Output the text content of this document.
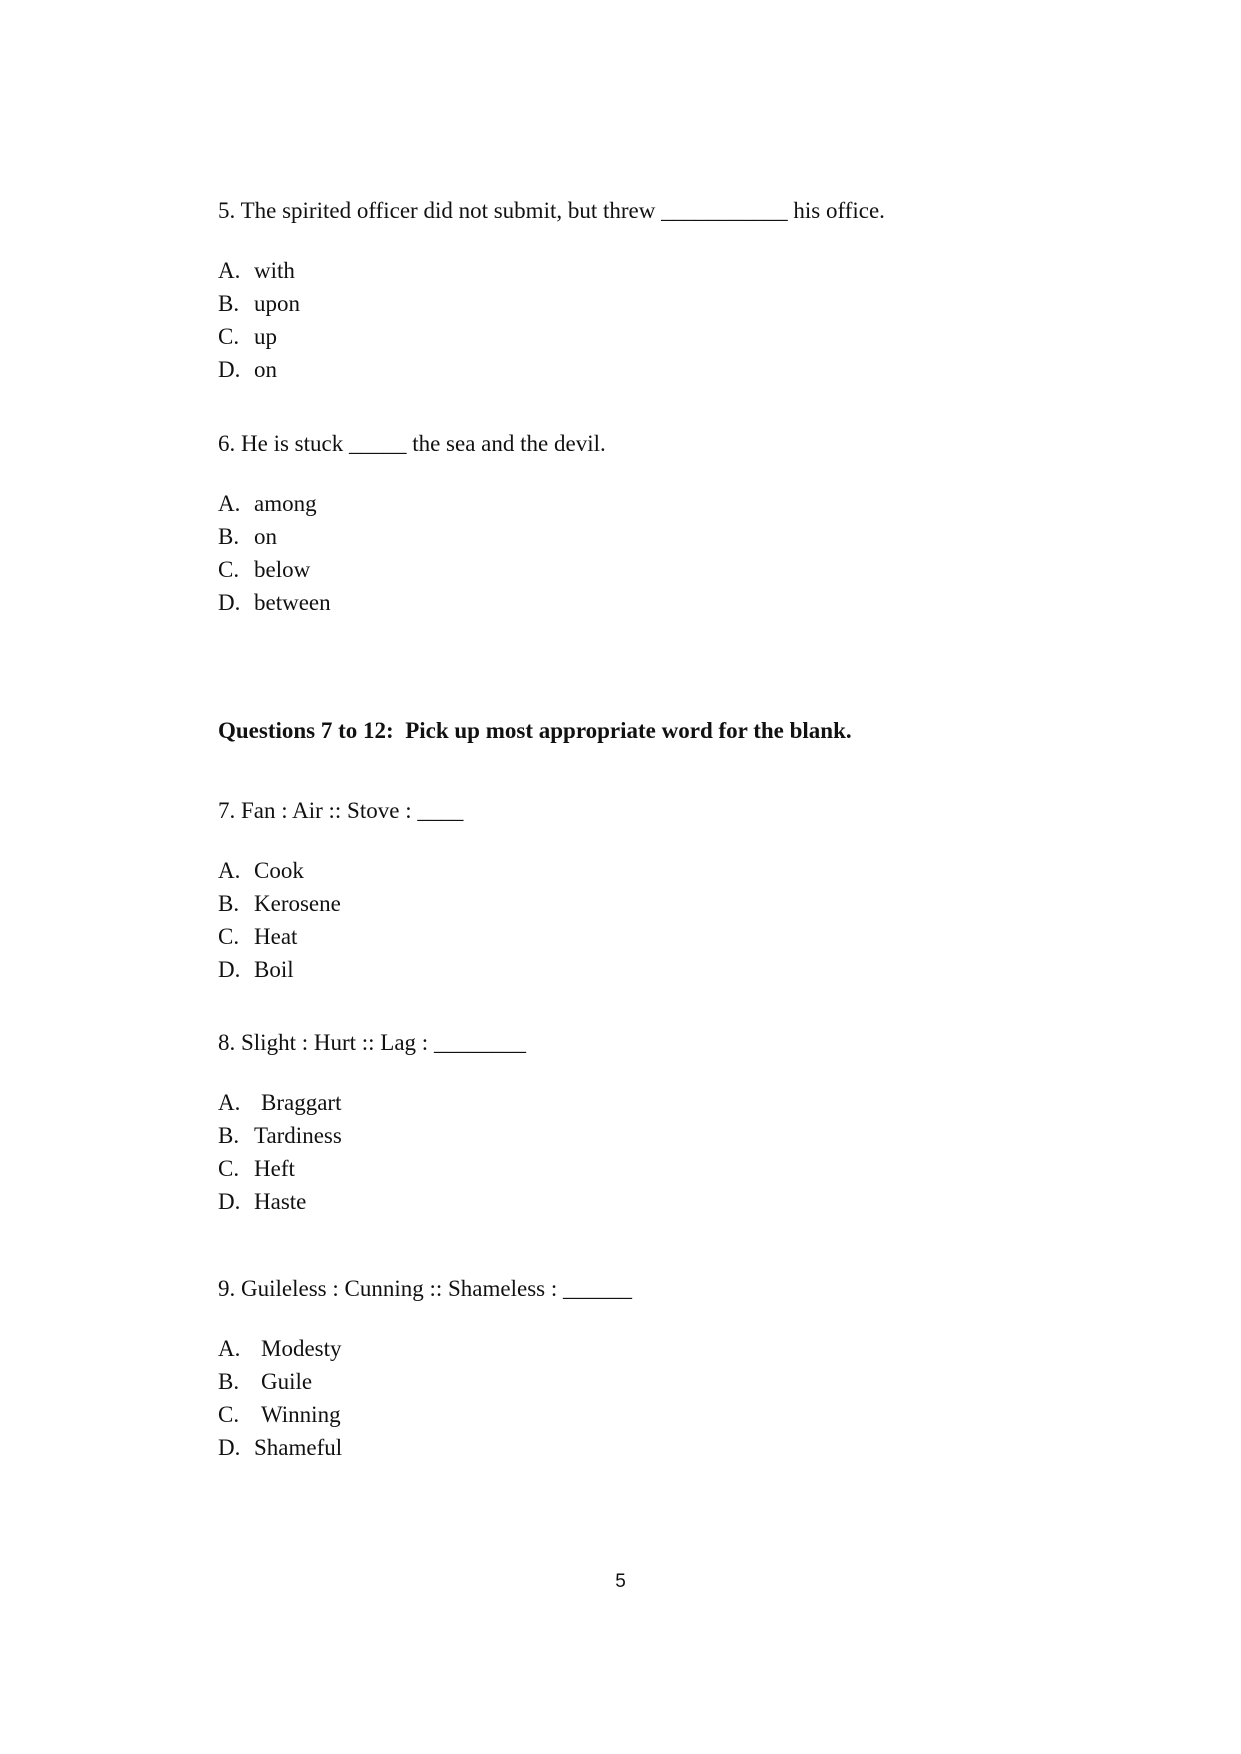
5. The spirited officer did not submit, but threw ___________ his office.
A. with
B. upon
C. up
D. on
6. He is stuck _____ the sea and the devil.
A. among
B. on
C. below
D. between
Questions 7 to 12:  Pick up most appropriate word for the blank.
7. Fan : Air :: Stove : ____
A. Cook
B. Kerosene
C. Heat
D. Boil
8. Slight : Hurt :: Lag : ________
A. Braggart
B. Tardiness
C. Heft
D. Haste
9. Guileless : Cunning :: Shameless : ______
A. Modesty
B. Guile
C. Winning
D. Shameful
5
